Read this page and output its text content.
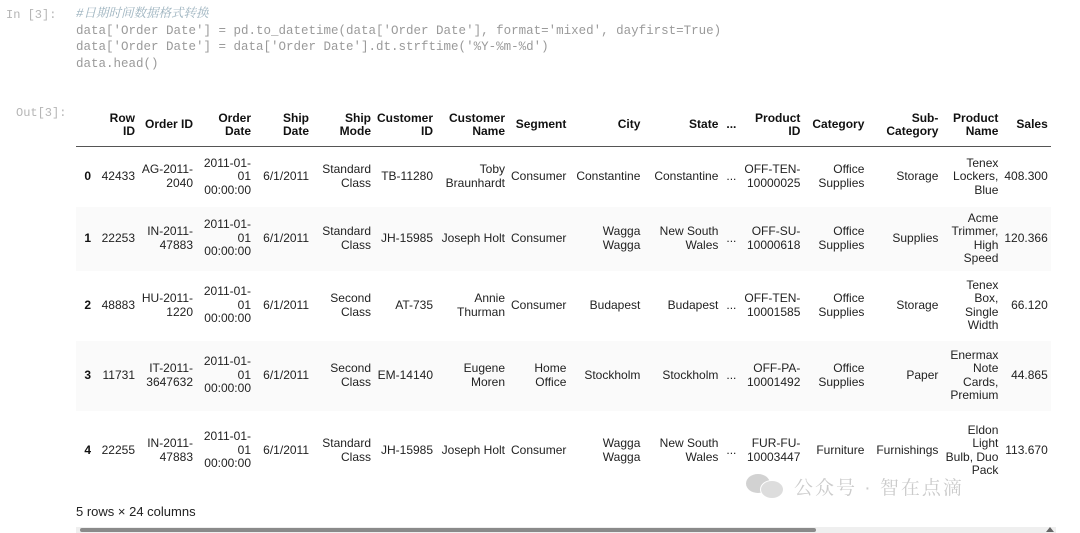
In [3]: #日期时间数据格式转换
data['Order Date'] = pd.to_datetime(data['Order Date'], format='mixed', dayfirst=True)
data['Order Date'] = data['Order Date'].dt.strftime('%Y-%m-%d')
data.head()
Out[3]:
		Row ID	Order ID	Order Date	Ship Date	Ship Mode	Customer ID	Customer Name	Segment	City	State	...	Product ID	Category	Sub-Category	Product Name	Sales
0	42433	AG-2011-2040	2011-01-01 00:00:00	6/1/2011	Standard Class	TB-11280	Toby Braunhardt	Consumer	Constantine	Constantine	...	OFF-TEN-10000025	Office Supplies	Storage	Tenex Lockers, Blue	408.300
1	22253	IN-2011-47883	2011-01-01 00:00:00	6/1/2011	Standard Class	JH-15985	Joseph Holt	Consumer	Wagga Wagga	New South Wales	...	OFF-SU-10000618	Office Supplies	Supplies	Acme Trimmer, High Speed	120.366
2	48883	HU-2011-1220	2011-01-01 00:00:00	6/1/2011	Second Class	AT-735	Annie Thurman	Consumer	Budapest	Budapest	...	OFF-TEN-10001585	Office Supplies	Storage	Tenex Box, Single Width	66.120
3	11731	IT-2011-3647632	2011-01-01 00:00:00	6/1/2011	Second Class	EM-14140	Eugene Moren	Home Office	Stockholm	Stockholm	...	OFF-PA-10001492	Office Supplies	Paper	Enermax Note Cards, Premium	44.865
4	22255	IN-2011-47883	2011-01-01 00:00:00	6/1/2011	Standard Class	JH-15985	Joseph Holt	Consumer	Wagga Wagga	New South Wales	...	FUR-FU-10003447	Furniture	Furnishings	Eldon Light Bulb, Duo Pack	113.670
公众号 · 智在点滴
5 rows × 24 columns
